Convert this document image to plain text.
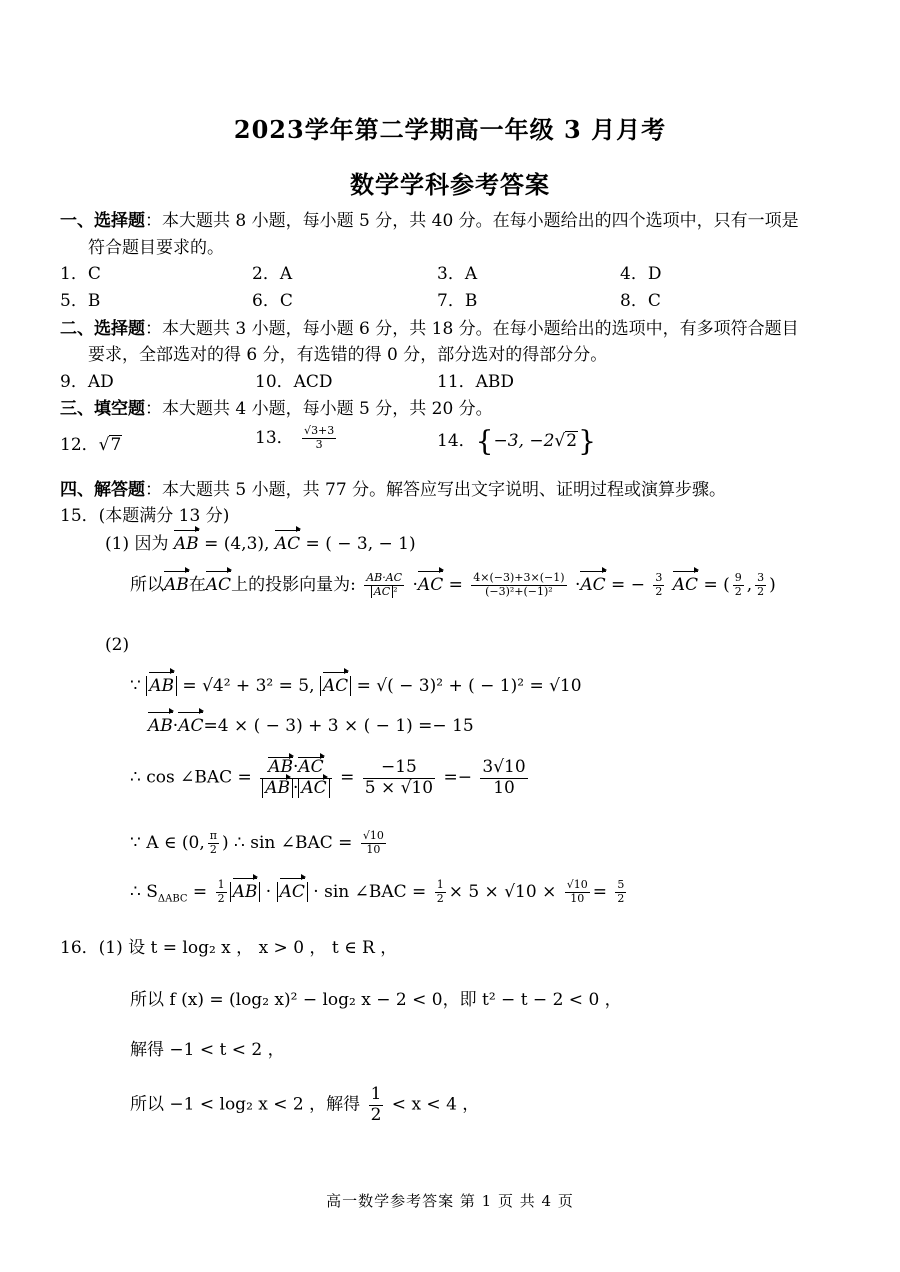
2023学年第二学期高一年级 3 月月考
数学学科参考答案
一、选择题：本大题共 8 小题，每小题 5 分，共 40 分。在每小题给出的四个选项中，只有一项是
符合题目要求的。
1．C	2．A	3．A	4．D
5．B	6．C	7．B	8．C
二、选择题：本大题共 3 小题，每小题 6 分，共 18 分。在每小题给出的选项中，有多项符合题目
要求，全部选对的得 6 分，有选错的得 0 分，部分选对的得部分分。
9．AD	10．ACD	11．ABD
三、填空题：本大题共 4 小题，每小题 5 分，共 20 分。
12．√7	13． $\frac{√3+3}{3}$	14．{−3, −2√2}
四、解答题：本大题共 5 小题，共 77 分。解答应写出文字说明、证明过程或演算步骤。
15．(本题满分 13 分)
(1) 因为 AB = (4,3), AC = ( − 3, − 1)
所以AB在AC上的投影向量为: $\frac{AB\cdot AC}{\text{AC ²}} \cdot AC = \frac{4\times(-3)+3\times(-1)}{\text{(−3)²+(−1)²}} \cdot AC$ = − $\frac{3}{2}$ AC = ( $\frac{9}{2}$ , $\frac{3}{2}$ )
(2)
∵ AB = √4² + 3² = 5, AC = √( − 3)² + ( − 1)² = √10
AB·AC=4 × ( − 3) + 3 × ( − 1) =− 15
∴ cos ∠BAC = $\frac{AB\cdot AC}{AB \cdot AC} = \frac{-15}{5 \times √10} =- \frac{3√10}{10}$
∵ A ∈ (0, $\frac{\pi}{2}$ ) ∴ sin ∠BAC = $\frac{√10}{10}$
∴ $S_{\Delta ABC} = \frac{1}{2}$ AB · AC · sin ∠BAC = $\frac{1}{2} \times 5 \times √10 \times \frac{√10}{10} = \frac{5}{2}$
16．(1) 设 t = log₂ x ， x > 0 ， t ∈ R ，
所以 f (x) = (log₂ x)² − log₂ x − 2 < 0，即 t² − t − 2 < 0 ，
解得 −1 < t < 2 ，
所以 −1 < log₂ x < 2 ，解得 $\frac{1}{2} < x < 4$ ，
高一数学参考答案 第 1 页 共 4 页
